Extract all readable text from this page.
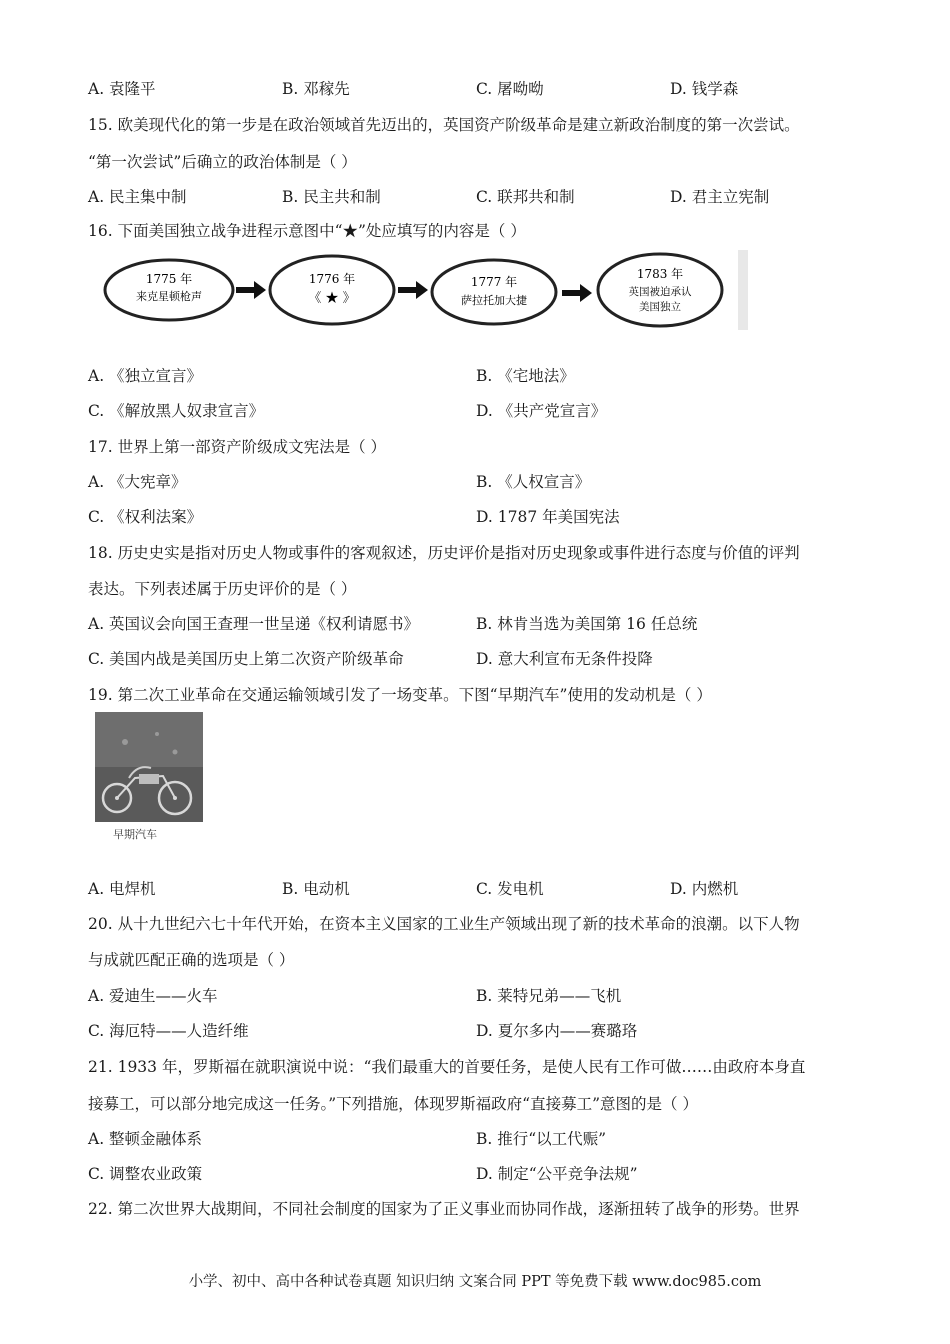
A. 袁隆平	B. 邓稼先	C. 屠呦呦	D. 钱学森
15. 欧美现代化的第一步是在政治领域首先迈出的，英国资产阶级革命是建立新政治制度的第一次尝试。
“第一次尝试”后确立的政治体制是（ ）
A. 民主集中制	B. 民主共和制	C. 联邦共和制	D. 君主立宪制
16. 下面美国独立战争进程示意图中“★”处应填写的内容是（ ）
1775 年
来克星顿枪声
1776 年
《 ★ 》
1777 年
萨拉托加大捷
1783 年
英国被迫承认
美国独立
A. 《独立宣言》	B. 《宅地法》
C. 《解放黑人奴隶宣言》	D. 《共产党宣言》
17. 世界上第一部资产阶级成文宪法是（ ）
A. 《大宪章》	B. 《人权宣言》
C. 《权利法案》	D. 1787 年美国宪法
18. 历史史实是指对历史人物或事件的客观叙述，历史评价是指对历史现象或事件进行态度与价值的评判
表达。下列表述属于历史评价的是（ ）
A. 英国议会向国王查理一世呈递《权利请愿书》	B. 林肯当选为美国第 16 任总统
C. 美国内战是美国历史上第二次资产阶级革命	D. 意大利宣布无条件投降
19. 第二次工业革命在交通运输领域引发了一场变革。下图“早期汽车”使用的发动机是（ ）
早期汽车
A. 电焊机	B. 电动机	C. 发电机	D. 内燃机
20. 从十九世纪六七十年代开始，在资本主义国家的工业生产领域出现了新的技术革命的浪潮。以下人物
与成就匹配正确的选项是（ ）
A. 爱迪生——火车	B. 莱特兄弟——飞机
C. 海厄特——人造纤维	D. 夏尔多内——赛璐珞
21. 1933 年，罗斯福在就职演说中说：“我们最重大的首要任务，是使人民有工作可做……由政府本身直
接募工，可以部分地完成这一任务。”下列措施，体现罗斯福政府“直接募工”意图的是（ ）
A. 整顿金融体系	B. 推行“以工代赈”
C. 调整农业政策	D. 制定“公平竞争法规”
22. 第二次世界大战期间，不同社会制度的国家为了正义事业而协同作战，逐渐扭转了战争的形势。世界
小学、初中、高中各种试卷真题 知识归纳 文案合同 PPT 等免费下载 www.doc985.com
